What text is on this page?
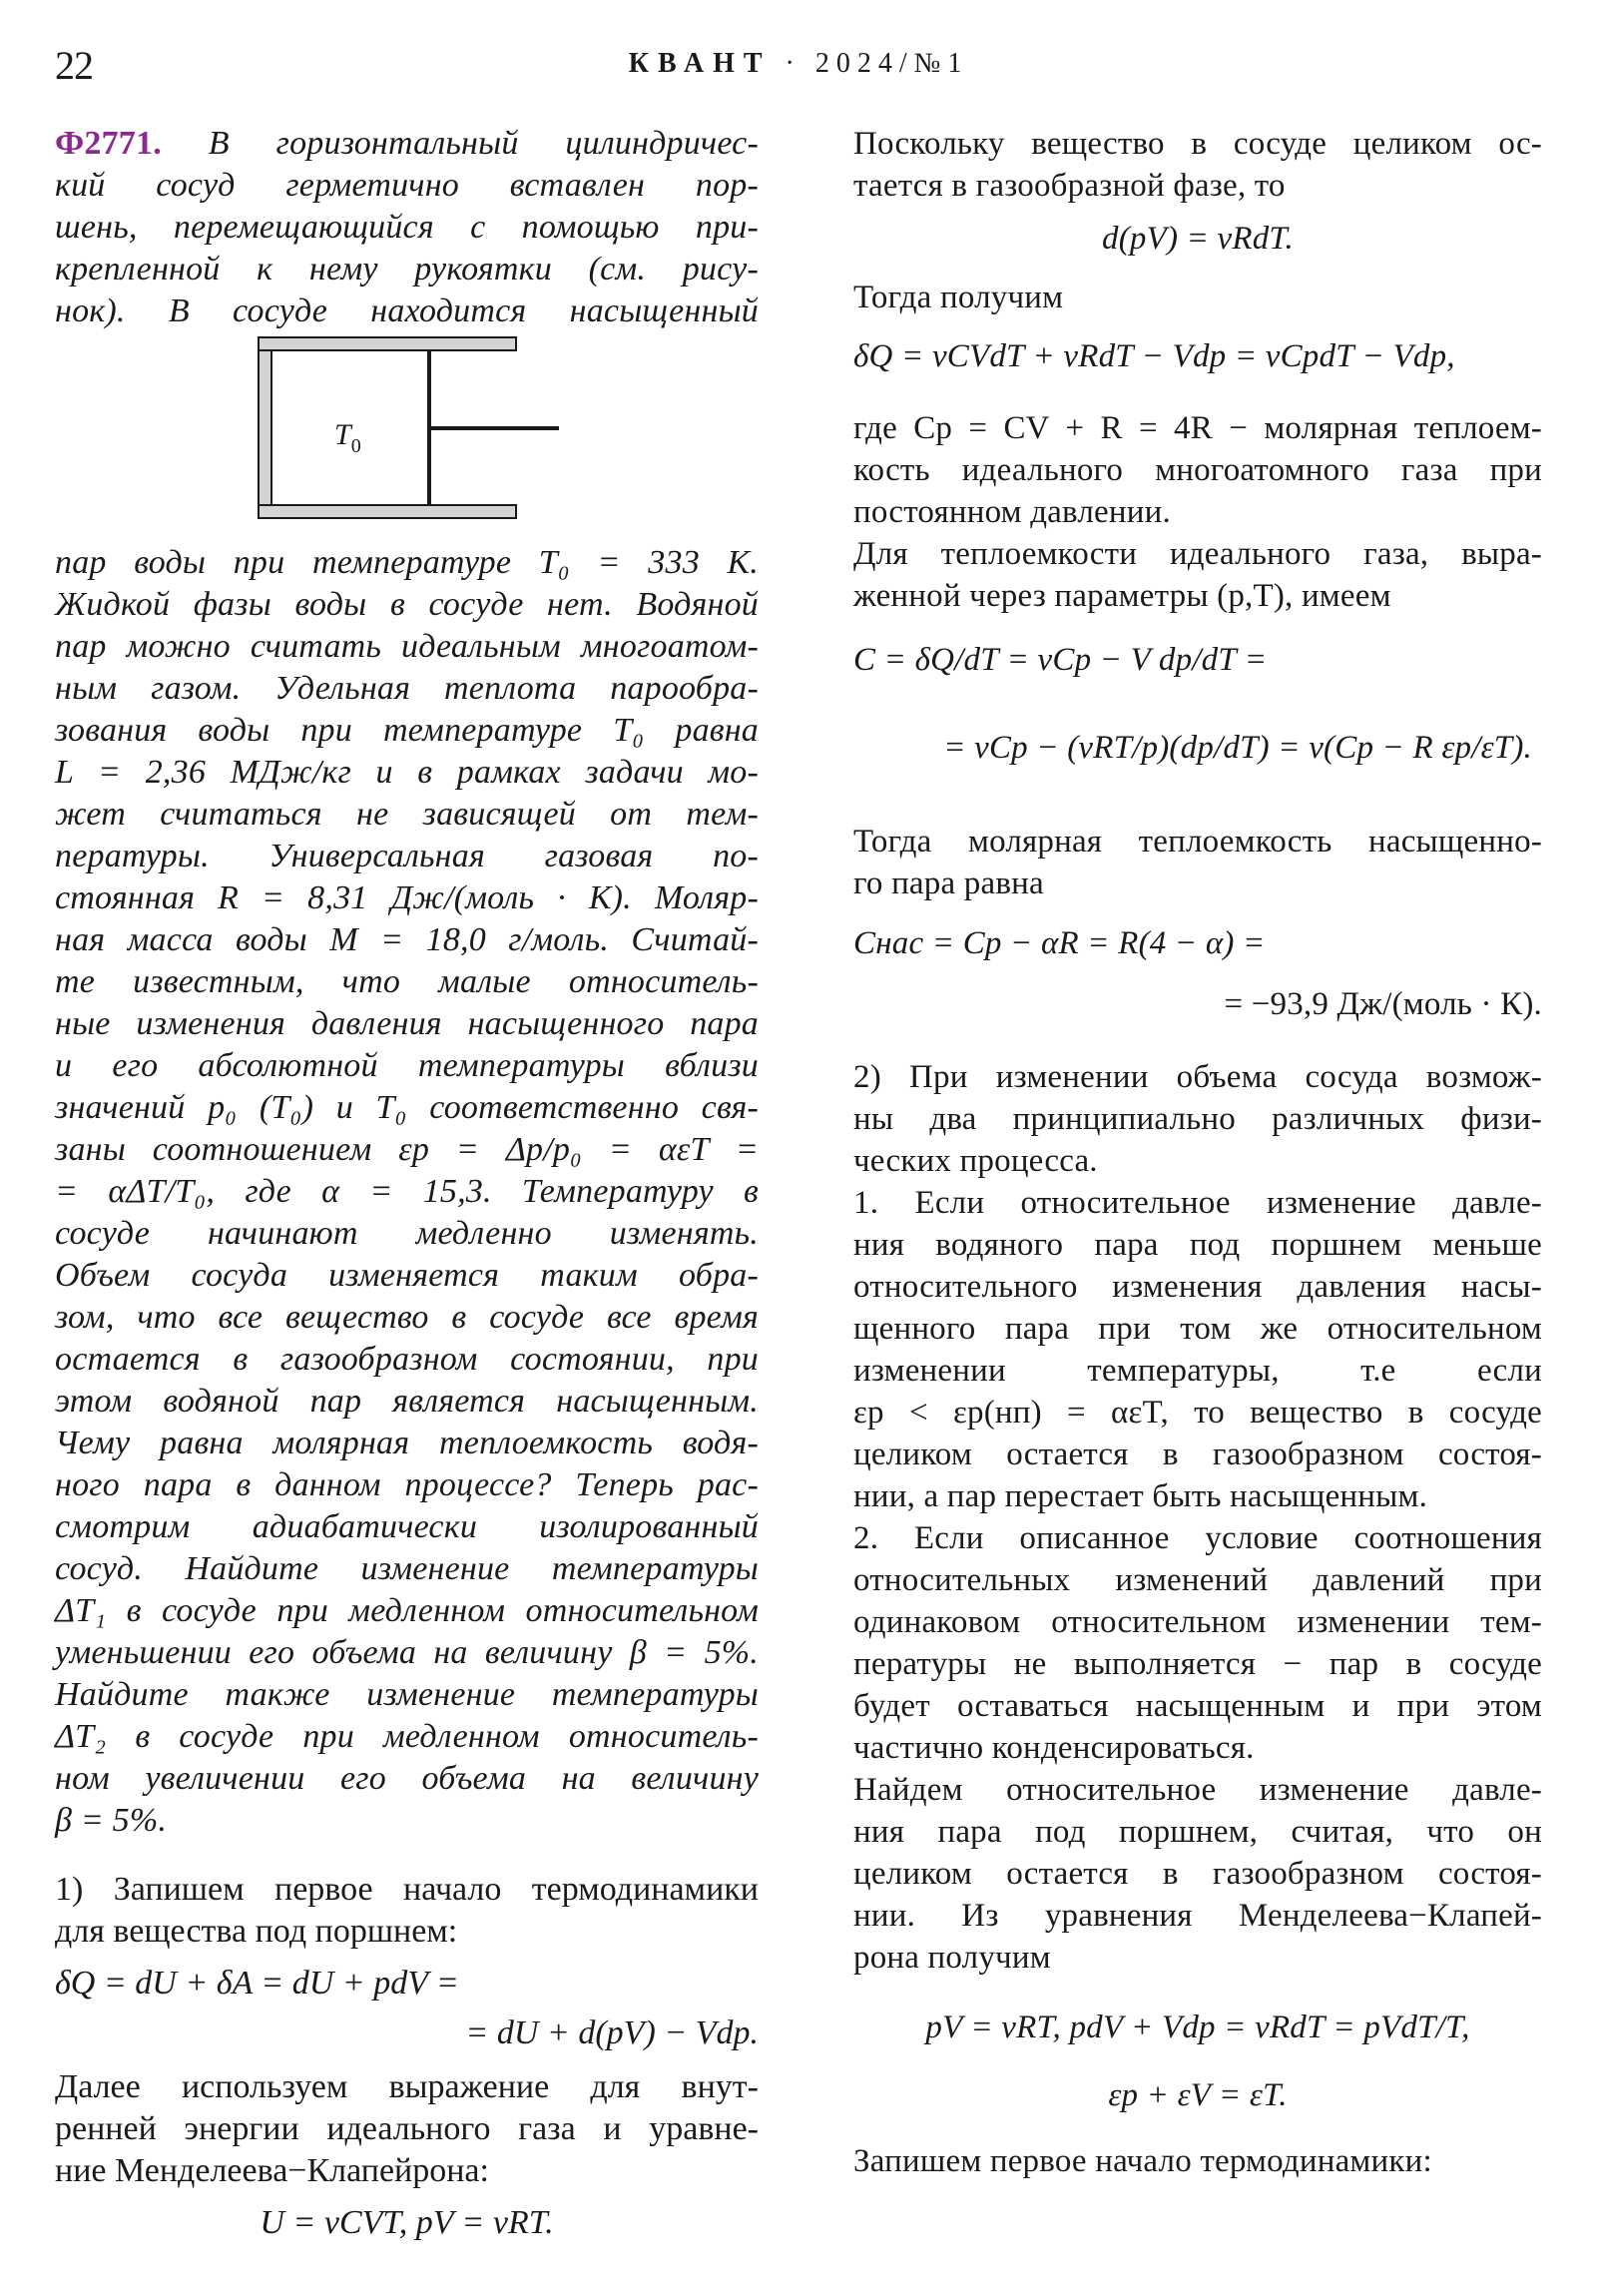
22	КВАНТ · 2024/№1
Ф2771. В горизонтальный цилиндричес-
кий сосуд герметично вставлен пор-
шень, перемещающийся с помощью при-
крепленной к нему рукоятки (см. рису-
нок). В сосуде находится насыщенный
$T_0$
пар воды при температуре T₀ = 333 К.
Жидкой фазы воды в сосуде нет. Водяной
пар можно считать идеальным многоатом-
ным газом. Удельная теплота парообра-
зования воды при температуре T₀ равна
L = 2,36 МДж/кг и в рамках задачи мо-
жет считаться не зависящей от тем-
пературы. Универсальная газовая по-
стоянная R = 8,31 Дж/(моль · К). Моляр-
ная масса воды M = 18,0 г/моль. Считай-
те известным, что малые относитель-
ные изменения давления насыщенного пара
и его абсолютной температуры вблизи
значений p₀ (T₀) и T₀ соответственно свя-
заны соотношением εp = Δp/p₀ = αεT =
= αΔT/T₀, где α = 15,3. Температуру в
сосуде начинают медленно изменять.
Объем сосуда изменяется таким обра-
зом, что все вещество в сосуде все время
остается в газообразном состоянии, при
этом водяной пар является насыщенным.
Чему равна молярная теплоемкость водя-
ного пара в данном процессе? Теперь рас-
смотрим адиабатически изолированный
сосуд. Найдите изменение температуры
ΔT₁ в сосуде при медленном относительном
уменьшении его объема на величину β = 5%.
Найдите также изменение температуры
ΔT₂ в сосуде при медленном относитель-
ном увеличении его объема на величину
β = 5%.
1) Запишем первое начало термодинамики
для вещества под поршнем:
δQ = dU + δA = dU + pdV =
= dU + d(pV) − Vdp.
Далее используем выражение для внут-
ренней энергии идеального газа и уравне-
ние Менделеева−Клапейрона:
U = νCVT, pV = νRT.
Поскольку вещество в сосуде целиком ос-
тается в газообразной фазе, то
d(pV) = νRdT.
Тогда получим
δQ = νCVdT + νRdT − Vdp = νCpdT − Vdp,
где Cp = CV + R = 4R − молярная теплоем-
кость идеального многоатомного газа при
постоянном давлении.
Для теплоемкости идеального газа, выра-
женной через параметры (p,T), имеем
C = δQ/dT = νCp − V dp/dT =
= νCp − (νRT/p)(dp/dT) = ν(Cp − R εp/εT).
Тогда молярная теплоемкость насыщенно-
го пара равна
Cнас = Cp − αR = R(4 − α) =
= −93,9 Дж/(моль · К).
2) При изменении объема сосуда возмож-
ны два принципиально различных физи-
ческих процесса.
1. Если относительное изменение давле-
ния водяного пара под поршнем меньше
относительного изменения давления насы-
щенного пара при том же относительном
изменении температуры, т.е если
εp < εp(нп) = αεT, то вещество в сосуде
целиком остается в газообразном состоя-
нии, а пар перестает быть насыщенным.
2. Если описанное условие соотношения
относительных изменений давлений при
одинаковом относительном изменении тем-
пературы не выполняется − пар в сосуде
будет оставаться насыщенным и при этом
частично конденсироваться.
Найдем относительное изменение давле-
ния пара под поршнем, считая, что он
целиком остается в газообразном состоя-
нии. Из уравнения Менделеева−Клапей-
рона получим
pV = νRT, pdV + Vdp = νRdT = pVdT/T,
εp + εV = εT.
Запишем первое начало термодинамики:
